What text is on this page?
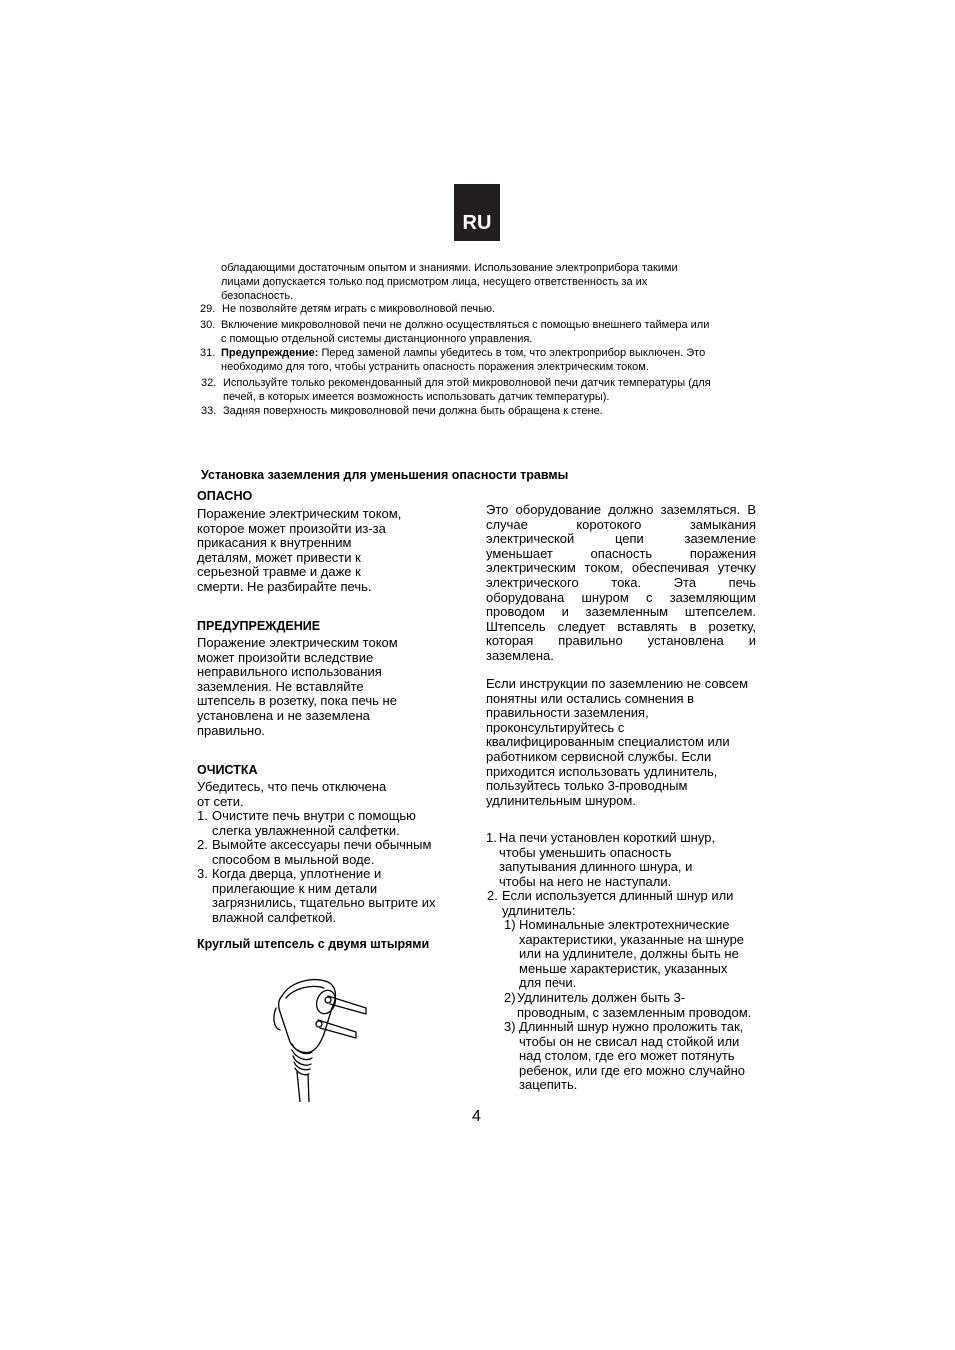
RU
обладающими достаточным опытом и знаниями. Использование электроприбора такими
лицами допускается только под присмотром лица, несущего ответственность за их
безопасность.
29. Не позволяйте детям играть с микроволновой печью.
30. Включение микроволновой печи не должно осуществляться с помощью внешнего таймера или
с помощью отдельной системы дистанционного управления.
31. Предупреждение: Перед заменой лампы убедитесь в том, что электроприбор выключен. Это
необходимо для того, чтобы устранить опасность поражения электрическим током.
32. Используйте только рекомендованный для этой микроволновой печи датчик температуры (для
печей, в которых имеется возможность использовать датчик температуры).
33. Задняя поверхность микроволновой печи должна быть обращена к стене.
Установка заземления для уменьшения опасности травмы
ОПАСНО
Поражение электрическим током,
которое может произойти из-за
прикасания к внутренним
деталям, может привести к
серьезной травме и даже к
смерти. Не разбирайте печь.
ПРЕДУПРЕЖДЕНИЕ
Поражение электрическим током
может произойти вследствие
неправильного использования
заземления. Не вставляйте
штепсель в розетку, пока печь не
установлена и не заземлена
правильно.
ОЧИСТКА
Убедитесь, что печь отключена
от сети.
1. Очистите печь внутри с помощью
слегка увлажненной салфетки.
2. Вымойте аксессуары печи обычным
способом в мыльной воде.
3. Когда дверца, уплотнение и
прилегающие к ним детали
загрязнились, тщательно вытрите их
влажной салфеткой.
Круглый штепсель с двумя штырями
Это оборудование должно заземляться. В
случае коротокого замыкания
электрической цепи заземление
уменьшает опасность поражения
электрическим током, обеспечивая утечку
электрического тока. Эта печь
оборудована шнуром с заземляющим
проводом и заземленным штепселем.
Штепсель следует вставлять в розетку,
которая правильно установлена и
заземлена.
Если инструкции по заземлению не совсем
понятны или остались сомнения в
правильности заземления,
проконсультируйтесь с
квалифицированным специалистом или
работником сервисной службы. Если
приходится использовать удлинитель,
пользуйтесь только 3-проводным
удлинительным шнуром.
1. На печи установлен короткий шнур,
чтобы уменьшить опасность
запутывания длинного шнура, и
чтобы на него не наступали.
2. Если используется длинный шнур или
удлинитель:
1) Номинальные электротехнические
характеристики, указанные на шнуре
или на удлинителе, должны быть не
меньше характеристик, указанных
для печи.
2) Удлинитель должен быть 3-
проводным, с заземленным проводом.
3) Длинный шнур нужно проложить так,
чтобы он не свисал над стойкой или
над столом, где его может потянуть
ребенок, или где его можно случайно
зацепить.
4
